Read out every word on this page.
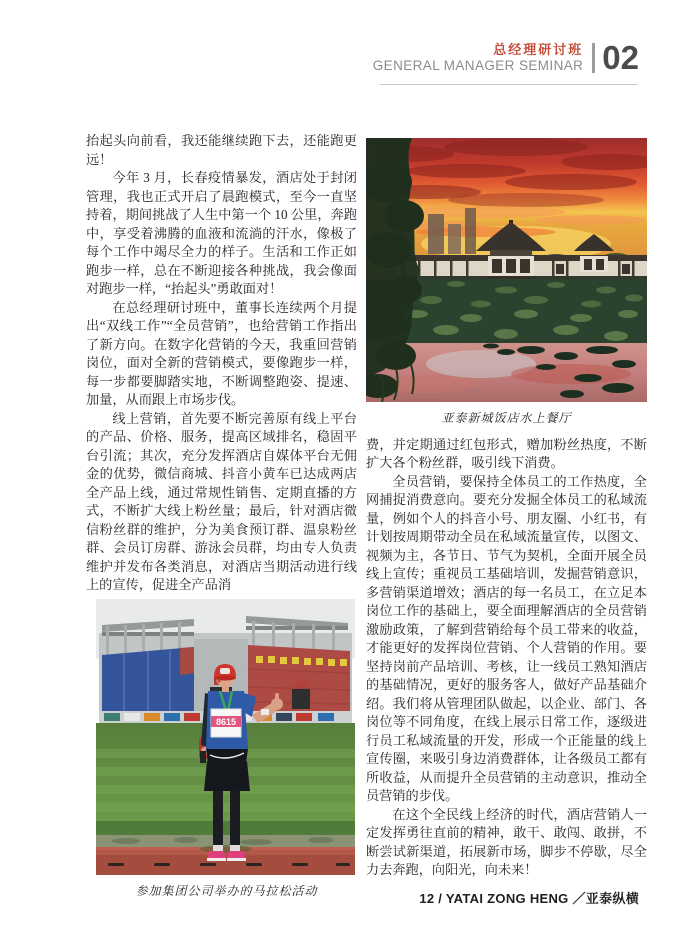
总经理研讨班
GENERAL MANAGER SEMINAR 02

抬起头向前看，我还能继续跑下去，还能跑更远！

今年 3 月，长春疫情暴发，酒店处于封闭管理，我也正式开启了晨跑模式，至今一直坚持着，期间挑战了人生中第一个 10 公里，奔跑中，享受着沸腾的血液和流淌的汗水，像极了每个工作中竭尽全力的样子。生活和工作正如跑步一样，总在不断迎接各种挑战，我会像面对跑步一样，“抬起头”勇敢面对！

在总经理研讨班中，董事长连续两个月提出“双线工作”“全员营销”，也给营销工作指出了新方向。在数字化营销的今天，我重回营销岗位，面对全新的营销模式，要像跑步一样，每一步都要脚踏实地，不断调整跑姿、提速、加量，从而跟上市场步伐。

线上营销，首先要不断完善原有线上平台的产品、价格、服务，提高区域排名，稳固平台引流；其次，充分发挥酒店自媒体平台无佣金的优势，微信商城、抖音小黄车已达成两店全产品上线，通过常规性销售、定期直播的方式，不断扩大线上粉丝量；最后，针对酒店微信粉丝群的维护，分为美食预订群、温泉粉丝群、会员订房群、游泳会员群，均由专人负责维护并发布各类消息，对酒店当期活动进行线上的宣传，促进全产品消

8615
参加集团公司举办的马拉松活动
亚泰新城饭店水上餐厅

费，并定期通过红包形式，赠加粉丝热度，不断扩大各个粉丝群，吸引线下消费。

全员营销，要保持全体员工的工作热度，全网捕捉消费意向。要充分发掘全体员工的私域流量，例如个人的抖音小号、朋友圈、小红书，有计划按周期带动全员在私域流量宣传，以图文、视频为主，各节日、节气为契机，全面开展全员线上宣传；重视员工基础培训，发掘营销意识，多营销渠道增效；酒店的每一名员工，在立足本岗位工作的基础上，要全面理解酒店的全员营销激励政策，了解到营销给每个员工带来的收益，才能更好的发挥岗位营销、个人营销的作用。要坚持岗前产品培训、考核，让一线员工熟知酒店的基础情况，更好的服务客人，做好产品基础介绍。我们将从管理团队做起，以企业、部门、各岗位等不同角度，在线上展示日常工作，逐级进行员工私域流量的开发，形成一个正能量的线上宣传圈，来吸引身边消费群体，让各级员工都有所收益，从而提升全员营销的主动意识，推动全员营销的步伐。

在这个全民线上经济的时代，酒店营销人一定发挥勇往直前的精神，敢干、敢闯、敢拼，不断尝试新渠道，拓展新市场，脚步不停歇，尽全力去奔跑，向阳光，向未来！

12 / YATAI ZONG HENG ／亚泰纵横
